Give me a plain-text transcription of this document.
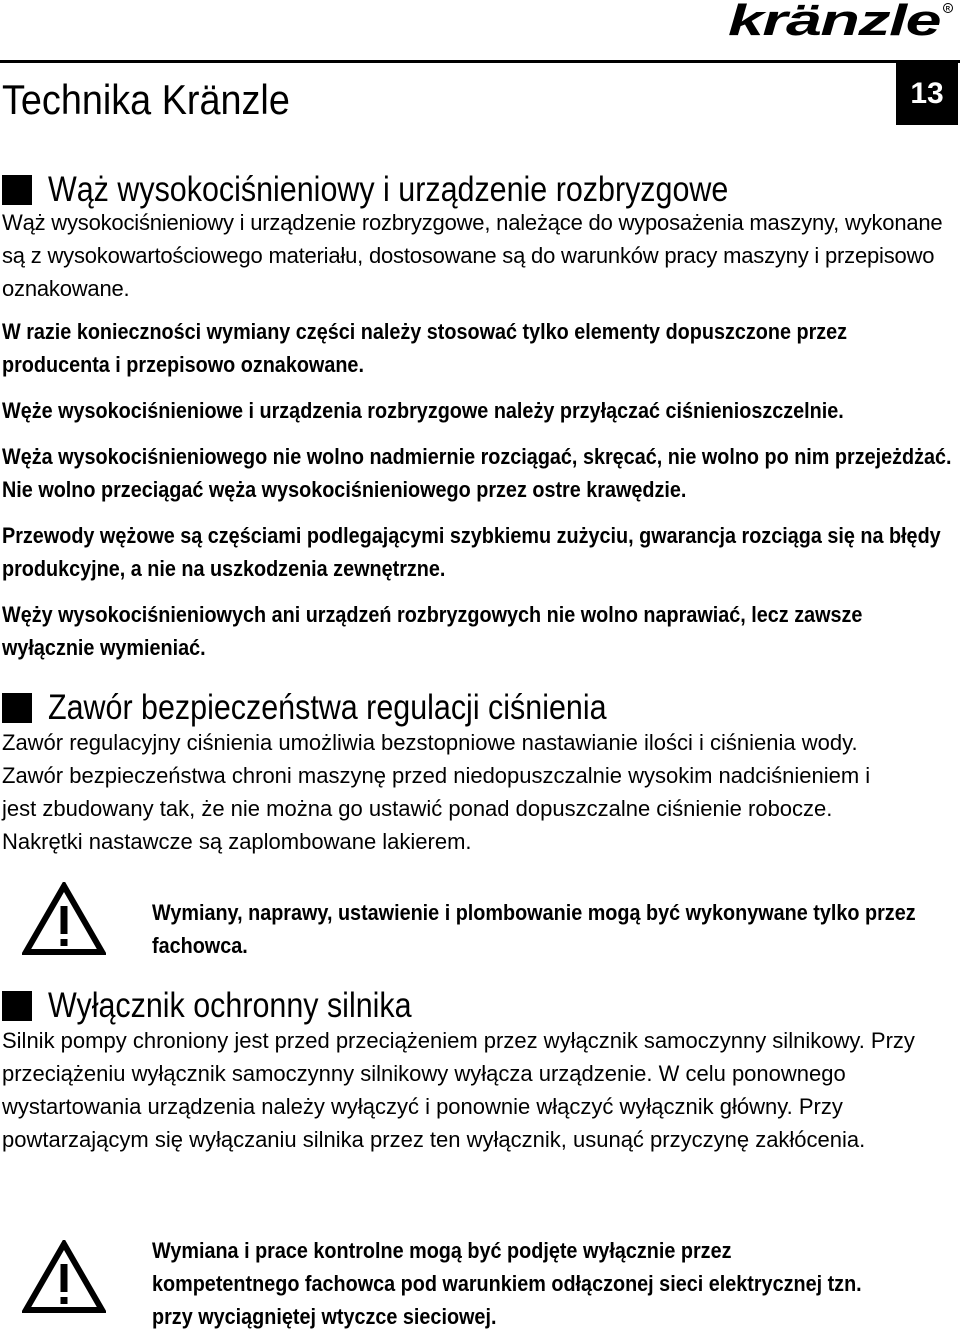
kränzle R
13
Technika Kränzle
Wąż wysokociśnieniowy i urządzenie rozbryzgowe

Wąż wysokociśnieniowy i urządzenie rozbryzgowe, należące do wyposażenia maszyny, wykonane są z wysokowartościowego materiału, dostosowane są do warunków pracy maszyny i przepisowo oznakowane.

W razie konieczności wymiany części należy stosować tylko elementy dopuszczone przez producenta i przepisowo oznakowane.

Węże wysokociśnieniowe i urządzenia rozbryzgowe należy przyłączać ciśnienioszczelnie.

Węża wysokociśnieniowego nie wolno nadmiernie rozciągać, skręcać, nie wolno po nim przejeżdżać. Nie wolno przeciągać węża wysokociśnieniowego przez ostre krawędzie.

Przewody wężowe są częściami podlegającymi szybkiemu zużyciu, gwarancja rozciąga się na błędy produkcyjne, a nie na uszkodzenia zewnętrzne.

Węży wysokociśnieniowych ani urządzeń rozbryzgowych nie wolno naprawiać, lecz zawsze wyłącznie wymieniać.

Zawór bezpieczeństwa regulacji ciśnienia

Zawór regulacyjny ciśnienia umożliwia bezstopniowe nastawianie ilości i ciśnienia wody. Zawór bezpieczeństwa chroni maszynę przed niedopuszczalnie wysokim nadciśnieniem i jest zbudowany tak, że nie można go ustawić ponad dopuszczalne ciśnienie robocze. Nakrętki nastawcze są zaplombowane lakierem.

Wymiany, naprawy, ustawienie i plombowanie mogą być wykonywane tylko przez fachowca.

Wyłącznik ochronny silnika

Silnik pompy chroniony jest przed przeciążeniem przez wyłącznik samoczynny silnikowy. Przy przeciążeniu wyłącznik samoczynny silnikowy wyłącza urządzenie. W celu ponownego wystartowania urządzenia należy wyłączyć i ponownie włączyć wyłącznik główny. Przy powtarzającym się wyłączaniu silnika przez ten wyłącznik, usunąć przyczynę zakłócenia.

Wymiana i prace kontrolne mogą być podjęte wyłącznie przez kompetentnego fachowca pod warunkiem odłączonej sieci elektrycznej tzn. przy wyciągniętej wtyczce sieciowej.
